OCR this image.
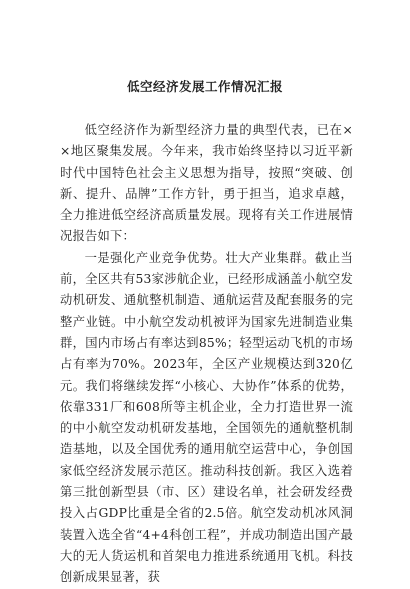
低空经济发展工作情况汇报

低空经济作为新型经济力量的典型代表，已在××地区聚集发展。今年来，我市始终坚持以习近平新时代中国特色社会主义思想为指导，按照“突破、创新、提升、品牌”工作方针，勇于担当，追求卓越，全力推进低空经济高质量发展。现将有关工作进展情况报告如下：

一是强化产业竞争优势。壮大产业集群。截止当前，全区共有53家涉航企业，已经形成涵盖小航空发动机研发、通航整机制造、通航运营及配套服务的完整产业链。中小航空发动机被评为国家先进制造业集群，国内市场占有率达到85%；轻型运动飞机的市场占有率为70%。2023年，全区产业规模达到320亿元。我们将继续发挥“小核心、大协作”体系的优势，依靠331厂和608所等主机企业，全力打造世界一流的中小航空发动机研发基地，全国领先的通航整机制造基地，以及全国优秀的通用航空运营中心，争创国家低空经济发展示范区。推动科技创新。我区入选着第三批创新型县（市、区）建设名单，社会研发经费投入占GDP比重是全省的2.5倍。航空发动机冰风洞装置入选全省“4+4科创工程”，并成功制造出国产最大的无人货运机和首架电力推进系统通用飞机。科技创新成果显著，获
